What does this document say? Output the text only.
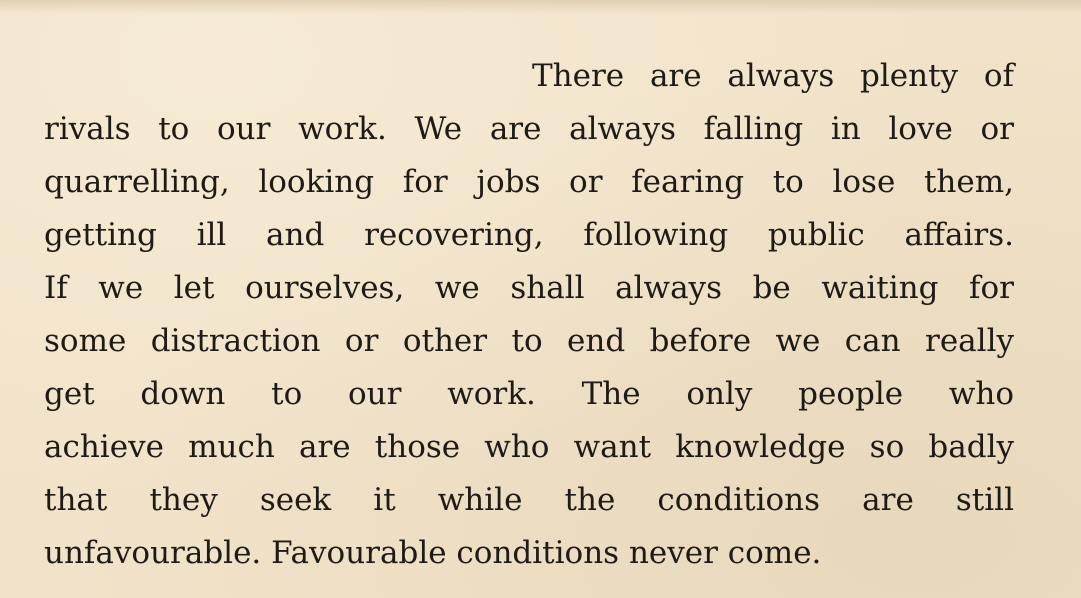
There are always plenty of
rivals to our work. We are always falling in love or
quarrelling, looking for jobs or fearing to lose them,
getting ill and recovering, following public affairs.
If we let ourselves, we shall always be waiting for
some distraction or other to end before we can really
get down to our work. The only people who
achieve much are those who want knowledge so badly
that they seek it while the conditions are still
unfavourable. Favourable conditions never come.
